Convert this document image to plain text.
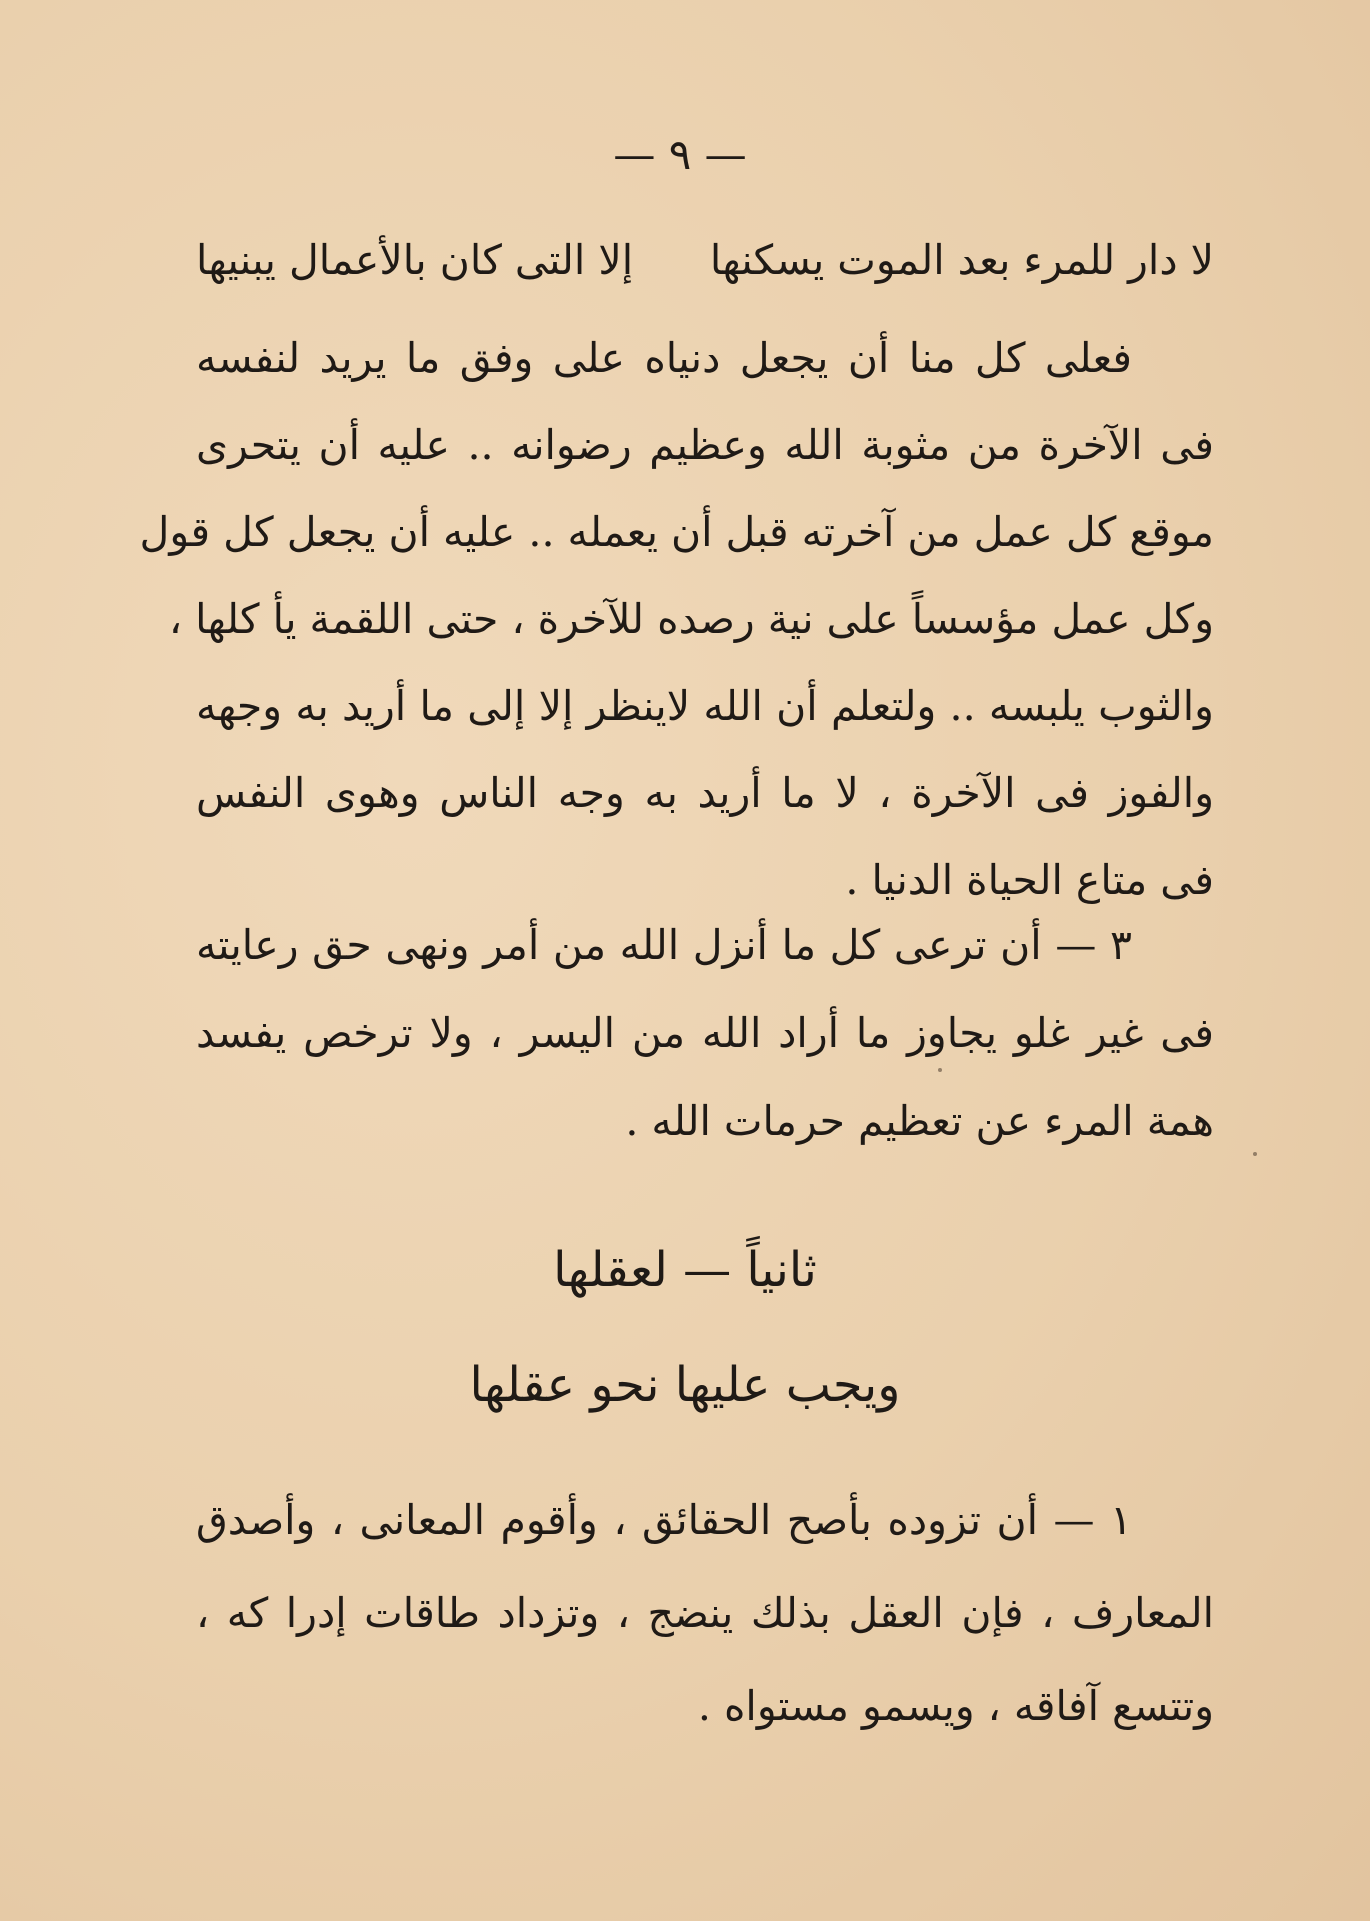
— ٩ —
لا دار للمرء بعد الموت يسكنها
إلا التى كان بالأعمال يبنيها
فعلى كل منا أن يجعل دنياه على وفق ما يريد لنفسه
فى الآخرة من مثوبة الله وعظيم رضوانه .. عليه أن يتحرى
موقع كل عمل من آخرته قبل أن يعمله .. عليه أن يجعل كل قول
وكل عمل مؤسساً على نية رصده للآخرة ، حتى اللقمة يأ كلها ،
والثوب يلبسه .. ولتعلم أن الله لاينظر إلا إلى ما أريد به وجهه
والفوز فى الآخرة ، لا ما أريد به وجه الناس وهوى النفس
فى متاع الحياة الدنيا .
٣ — أن ترعى كل ما أنزل الله من أمر ونهى حق رعايته
فى غير غلو يجاوز ما أراد الله من اليسر ، ولا ترخص يفسد
همة المرء عن تعظيم حرمات الله .
ثانياً — لعقلها
ويجب عليها نحو عقلها
١ — أن تزوده بأصح الحقائق ، وأقوم المعانى ، وأصدق
المعارف ، فإن العقل بذلك ينضج ، وتزداد طاقات إدرا كه ،
وتتسع آفاقه ، ويسمو مستواه .
